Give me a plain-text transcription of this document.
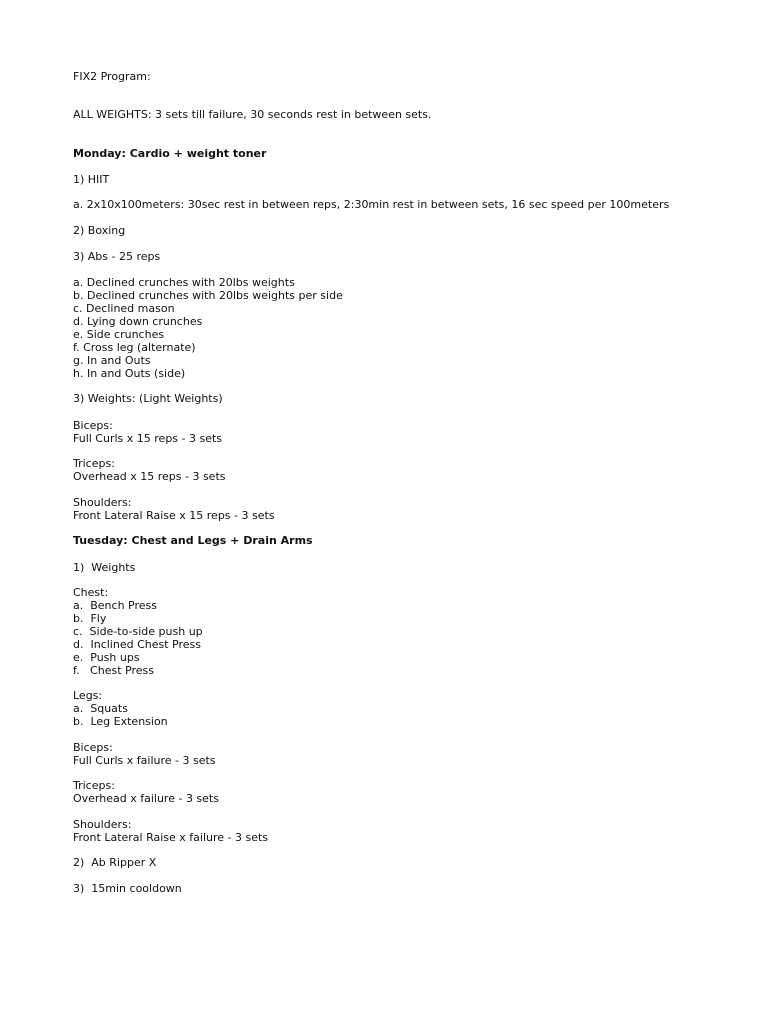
FIX2 Program:
ALL WEIGHTS: 3 sets till failure, 30 seconds rest in between sets.
Monday: Cardio + weight toner
1) HIIT
a. 2x10x100meters: 30sec rest in between reps, 2:30min rest in between sets, 16 sec speed per 100meters
2) Boxing
3) Abs - 25 reps
a. Declined crunches with 20lbs weights
b. Declined crunches with 20lbs weights per side
c. Declined mason
d. Lying down crunches
e. Side crunches
f. Cross leg (alternate)
g. In and Outs
h. In and Outs (side)
3) Weights: (Light Weights)
Biceps:
Full Curls x 15 reps - 3 sets
Triceps:
Overhead x 15 reps - 3 sets
Shoulders:
Front Lateral Raise x 15 reps - 3 sets
Tuesday: Chest and Legs + Drain Arms
1)  Weights
Chest:
a.  Bench Press
b.  Fly
c.  Side-to-side push up
d.  Inclined Chest Press
e.  Push ups
f.   Chest Press
Legs:
a.  Squats
b.  Leg Extension
Biceps:
Full Curls x failure - 3 sets
Triceps:
Overhead x failure - 3 sets
Shoulders:
Front Lateral Raise x failure - 3 sets
2)  Ab Ripper X
3)  15min cooldown
